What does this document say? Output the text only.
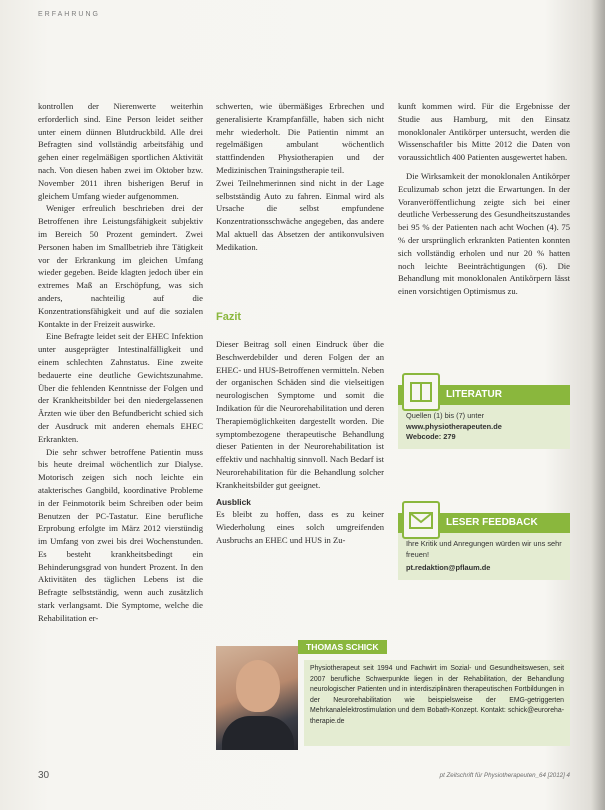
ERFAHRUNG

kontrollen der Nierenwerte weiterhin erforderlich sind. Eine Person leidet seither unter einem dünnen Blutdruckbild. Alle drei Befragten sind vollständig arbeitsfähig und gehen einer regelmäßigen sportlichen Aktivität nach. Von diesen haben zwei im Oktober bzw. November 2011 ihren bisherigen Beruf in gleichem Umfang wieder aufgenommen.

Weniger erfreulich beschrieben drei der Betroffenen ihre Leistungsfähigkeit subjektiv im Bereich 50 Prozent gemindert. Zwei Personen haben im Smallbetrieb ihre Tätigkeit vor der Erkrankung im gleichen Umfang wieder gegeben. Beide klagten jedoch über ein extremes Maß an Erschöpfung, was sich anders, nachteilig auf die Konzentrationsfähigkeit und auf die sozialen Kontakte in der Freizeit auswirke.

Eine Befragte leidet seit der EHEC Infektion unter ausgeprägter Intestinalfälligkeit und einem schlechten Zahnstatus. Eine zweite bedauerte eine deutliche Gewichtszunahme. Über die fehlenden Kenntnisse der Folgen und der Krankheitsbilder bei den niedergelassenen Ärzten wie über den Befundbericht schied sich der Ausdruck mit anderen ehemals EHEC Erkrankten.

Die sehr schwer betroffene Patientin muss bis heute dreimal wöchentlich zur Dialyse. Motorisch zeigen sich noch leichte ein atakterisches Gangbild, koordinative Probleme in der Feinmotorik beim Schreiben oder beim Benutzen der PC-Tastatur. Eine berufliche Erprobung erfolgte im März 2012 vierstündig im Umfang von zwei bis drei Wochenstunden. Es besteht krankheitsbedingt ein Behinderungsgrad von hundert Prozent. In den Aktivitäten des täglichen Lebens ist die Befragte selbstständig, wenn auch zusätzlich stark verlangsamt. Die Symptome, welche die Rehabilitation er-

schwerten, wie übermäßiges Erbrechen und generalisierte Krampfanfälle, haben sich nicht mehr wiederholt. Die Patientin nimmt an regelmäßigen ambulant wöchentlich stattfindenden Physiotherapien und der Medizinischen Trainingstherapie teil.
Zwei Teilnehmerinnen sind nicht in der Lage selbstständig Auto zu fahren. Einmal wird als Ursache die selbst empfundene Konzentrationsschwäche angegeben, das andere Mal aktuell das Absetzen der antikonvulsiven Medikation.
Fazit

Dieser Beitrag soll einen Eindruck über die Beschwerdebilder und deren Folgen der an EHEC- und HUS-Betroffenen vermitteln. Neben der organischen Schäden sind die vielseitigen neurologischen Symptome und somit die Indikation für die Neurorehabilitation und deren Therapiemöglichkeiten dargestellt worden. Die symptombezogene therapeutische Behandlung dieser Patienten in der Neurorehabilitation ist effektiv und nachhaltig sinnvoll. Nach Bedarf ist Neurorehabilitation für die Behandlung solcher Krankheitsbilder gut geeignet.

Ausblick

Es bleibt zu hoffen, dass es zu keiner Wiederholung eines solch umgreifenden Ausbruchs an EHEC und HUS in Zu-

kunft kommen wird. Für die Ergebnisse der Studie aus Hamburg, mit den Einsatz monoklonaler Antikörper untersucht, werden die Wissenschaftler bis Mitte 2012 die Daten von voraussichtlich 400 Patienten ausgewertet haben.

Die Wirksamkeit der monoklonalen Antikörper Eculizumab schon jetzt die Erwartungen. In der Voranveröffentlichung zeigte sich bei einer deutliche Verbesserung des Gesundheitszustandes bei 95 % der Patienten nach acht Wochen (4). 75 % der ursprünglich erkrankten Patienten konnten sich vollständig erholen und nur 20 % hatten noch leichte Beeinträchtigungen (6). Die Behandlung mit monoklonalen Antikörpern lässt einen vorsichtigen Optimismus zu.

LITERATUR
Quellen (1) bis (7) unter
www.physiotherapeuten.de
Webcode: 279
LESER FEEDBACK
Ihre Kritik und Anregungen würden wir uns sehr freuen!
pt.redaktion@pflaum.de
THOMAS SCHICK
Physiotherapeut seit 1994 und Fachwirt im Sozial- und Gesundheitswesen, seit 2007 berufliche Schwerpunkte liegen in der Rehabilitation, der Behandlung neurologischer Patienten und in interdisziplinären therapeutischen Fortbildungen in der Neurorehabilitation wie beispielsweise der EMG-getriggerten Mehrkanalelektrostimulation und dem Bobath-Konzept. Kontakt: schick@euroreha-therapie.de
30	pt Zeitschrift für Physiotherapeuten_64 [2012] 4
